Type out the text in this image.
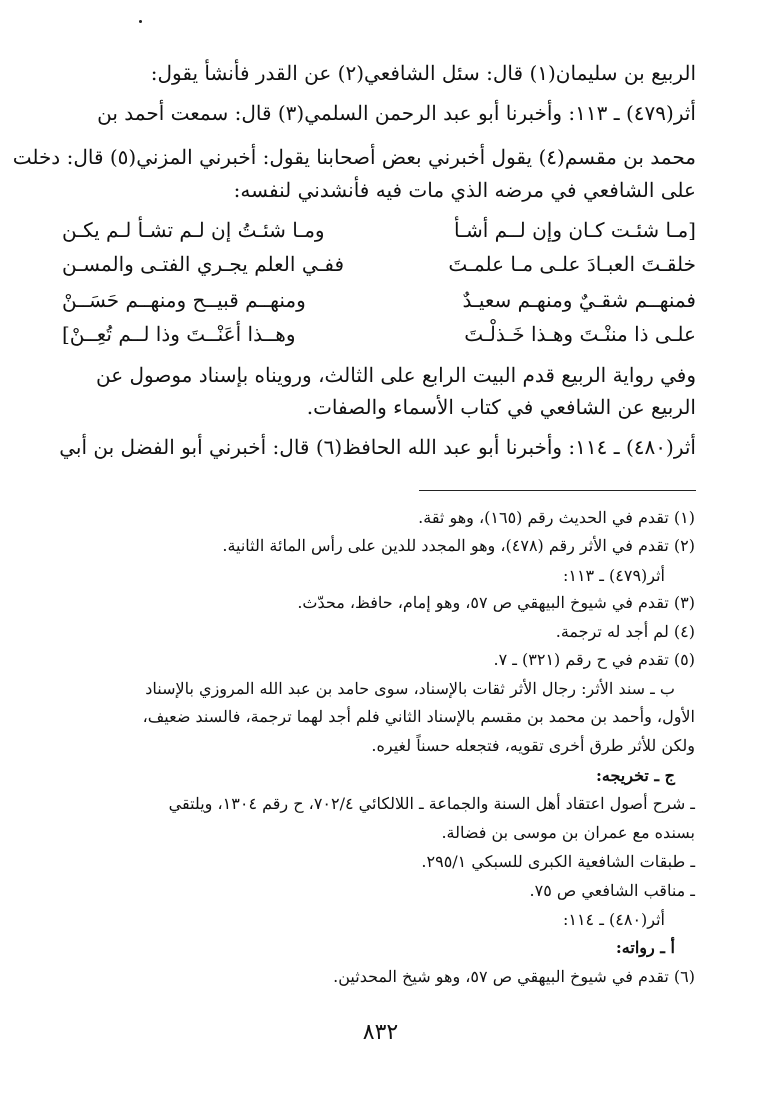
الربيع بن سليمان(١) قال: سئل الشافعي(٢) عن القدر فأنشأ يقول:
أثر(٤٧٩) ـ ١١٣: وأخبرنا أبو عبد الرحمن السلمي(٣) قال: سمعت أحمد بن
محمد بن مقسم(٤) يقول أخبرني بعض أصحابنا يقول: أخبرني المزني(٥) قال: دخلت
على الشافعي في مرضه الذي مات فيه فأنشدني لنفسه:
[مـا شئـت كـان وإن لــم أشـأ
ومـا شئـتُ إن لـم تشـأ لـم يكـن
خلقـتَ العبـادَ علـى مـا علمـتَ
ففـي العلم يجـري الفتـى والمسـن
فمنهــم شقـيٌ ومنهـم سعيـدٌ
ومنهــم قبيــح ومنهــم حَسَــنْ
علـى ذا مننْـتَ وهـذا خَـذلْـتَ
وهــذا أعَنْــتَ وذا لــم تُعِــنْ]
وفي رواية الربيع قدم البيت الرابع على الثالث، ورويناه بإسناد موصول عن
الربيع عن الشافعي في كتاب الأسماء والصفات.
أثر(٤٨٠) ـ ١١٤: وأخبرنا أبو عبد الله الحافظ(٦) قال: أخبرني أبو الفضل بن أبي
(١) تقدم في الحديث رقم (١٦٥)، وهو ثقة.
(٢) تقدم في الأثر رقم (٤٧٨)، وهو المجدد للدين على رأس المائة الثانية.
أثر(٤٧٩) ـ ١١٣:
(٣) تقدم في شيوخ البيهقي ص ٥٧، وهو إمام، حافظ، محدّث.
(٤) لم أجد له ترجمة.
(٥) تقدم في ح رقم (٣٢١) ـ ٧.
ب ـ سند الأثر: رجال الأثر ثقات بالإسناد، سوى حامد بن عبد الله المروزي بالإسناد
الأول، وأحمد بن محمد بن مقسم بالإسناد الثاني فلم أجد لهما ترجمة، فالسند ضعيف،
ولكن للأثر طرق أخرى تقويه، فتجعله حسناً لغيره.
ج ـ تخريجه:
ـ شرح أصول اعتقاد أهل السنة والجماعة ـ اللالكائي ٧٠٢/٤، ح رقم ١٣٠٤، ويلتقي
بسنده مع عمران بن موسى بن فضالة.
ـ طبقات الشافعية الكبرى للسبكي ٢٩٥/١.
ـ مناقب الشافعي ص ٧٥.
أثر(٤٨٠) ـ ١١٤:
أ ـ رواته:
(٦) تقدم في شيوخ البيهقي ص ٥٧، وهو شيخ المحدثين.
٨٣٢
